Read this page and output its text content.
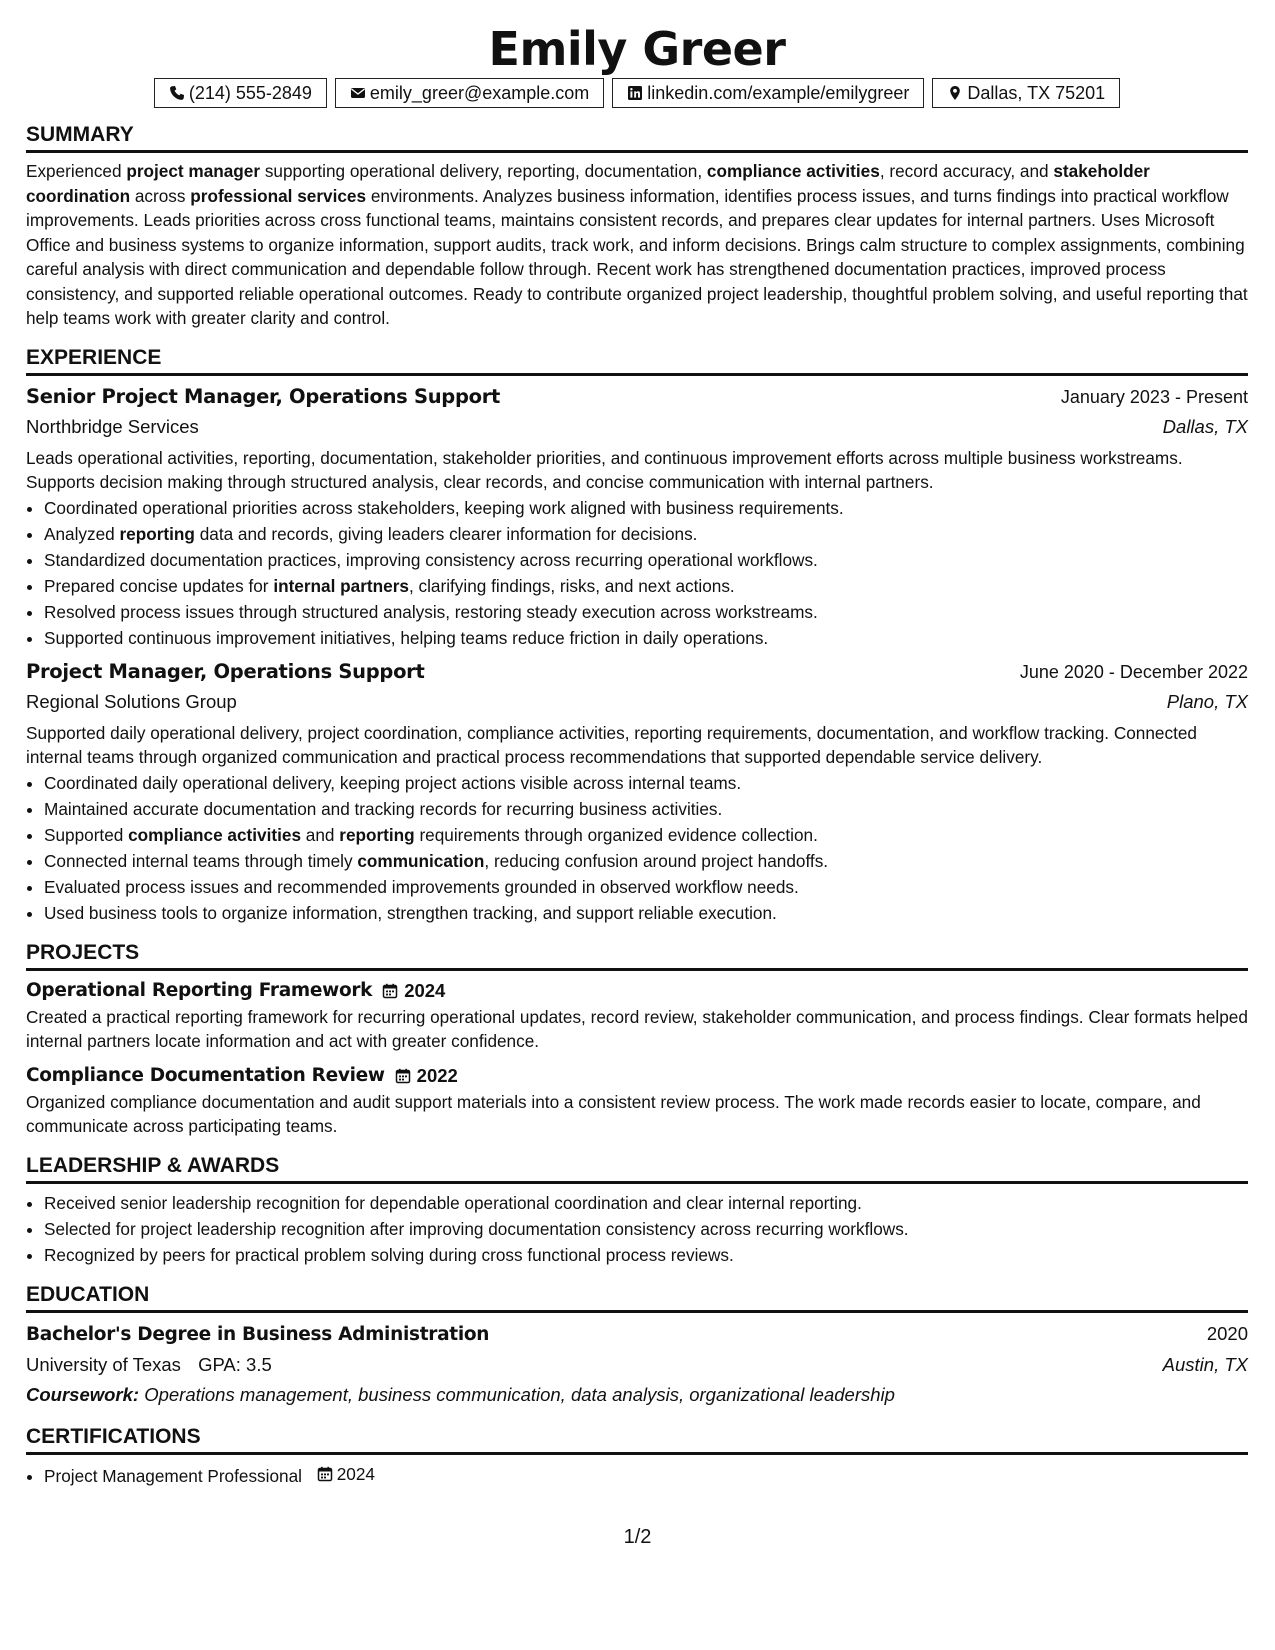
Emily Greer
(214) 555-2849	emily_greer@example.com	linkedin.com/example/emilygreer	Dallas, TX 75201
SUMMARY
Experienced project manager supporting operational delivery, reporting, documentation, compliance activities, record accuracy, and stakeholder coordination across professional services environments. Analyzes business information, identifies process issues, and turns findings into practical workflow improvements. Leads priorities across cross functional teams, maintains consistent records, and prepares clear updates for internal partners. Uses Microsoft Office and business systems to organize information, support audits, track work, and inform decisions. Brings calm structure to complex assignments, combining careful analysis with direct communication and dependable follow through. Recent work has strengthened documentation practices, improved process consistency, and supported reliable operational outcomes. Ready to contribute organized project leadership, thoughtful problem solving, and useful reporting that help teams work with greater clarity and control.
EXPERIENCE
Senior Project Manager, Operations Support	January 2023 - Present
Northbridge Services	Dallas, TX
Leads operational activities, reporting, documentation, stakeholder priorities, and continuous improvement efforts across multiple business workstreams. Supports decision making through structured analysis, clear records, and concise communication with internal partners.
• Coordinated operational priorities across stakeholders, keeping work aligned with business requirements.
• Analyzed reporting data and records, giving leaders clearer information for decisions.
• Standardized documentation practices, improving consistency across recurring operational workflows.
• Prepared concise updates for internal partners, clarifying findings, risks, and next actions.
• Resolved process issues through structured analysis, restoring steady execution across workstreams.
• Supported continuous improvement initiatives, helping teams reduce friction in daily operations.
Project Manager, Operations Support	June 2020 - December 2022
Regional Solutions Group	Plano, TX
Supported daily operational delivery, project coordination, compliance activities, reporting requirements, documentation, and workflow tracking. Connected internal teams through organized communication and practical process recommendations that supported dependable service delivery.
• Coordinated daily operational delivery, keeping project actions visible across internal teams.
• Maintained accurate documentation and tracking records for recurring business activities.
• Supported compliance activities and reporting requirements through organized evidence collection.
• Connected internal teams through timely communication, reducing confusion around project handoffs.
• Evaluated process issues and recommended improvements grounded in observed workflow needs.
• Used business tools to organize information, strengthen tracking, and support reliable execution.
PROJECTS
Operational Reporting Framework 2024
Created a practical reporting framework for recurring operational updates, record review, stakeholder communication, and process findings. Clear formats helped internal partners locate information and act with greater confidence.
Compliance Documentation Review 2022
Organized compliance documentation and audit support materials into a consistent review process. The work made records easier to locate, compare, and communicate across participating teams.
LEADERSHIP & AWARDS
• Received senior leadership recognition for dependable operational coordination and clear internal reporting.
• Selected for project leadership recognition after improving documentation consistency across recurring workflows.
• Recognized by peers for practical problem solving during cross functional process reviews.
EDUCATION
Bachelor's Degree in Business Administration	2020
University of Texas GPA: 3.5	Austin, TX
Coursework: Operations management, business communication, data analysis, organizational leadership
CERTIFICATIONS
• Project Management Professional 2024
1/2
